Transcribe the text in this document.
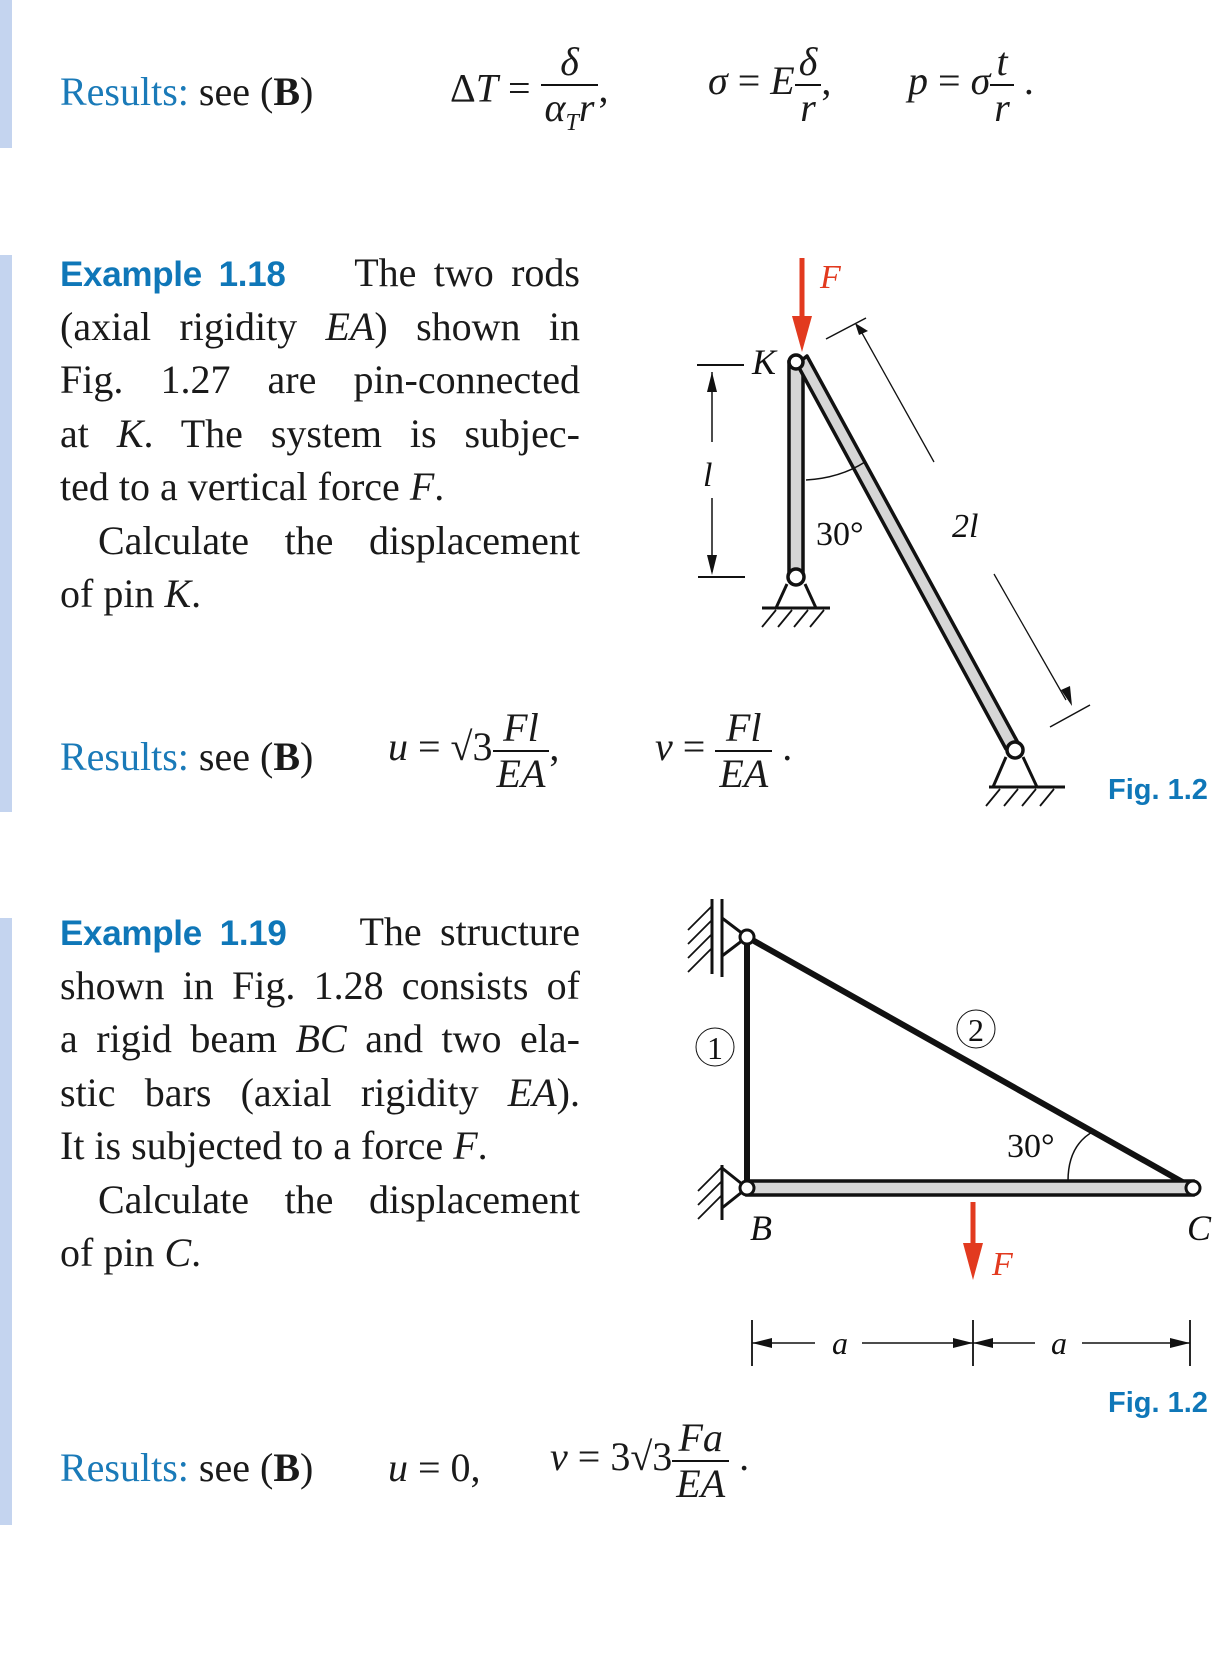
Results: see (B)	$\Delta T = \frac{\delta}{\alpha_Tr}$ , σ = E $\frac{\delta}{r}$ , p = σ $\frac{t}{r}$ .
Example 1.18 The two rods
(axial rigidity EA) shown in
Fig. 1.27 are pin-connected
at K. The system is subjec-
ted to a vertical force F.
Calculate the displacement
of pin K.
Results: see (B) $u = √3 \frac{Fl}{EA}$ , $v = \frac{Fl}{EA}$ .
F
K
l
30°	2l
Fig. 1.2
Example 1.19 The structure
shown in Fig. 1.28 consists of
a rigid beam BC and two ela-
stic bars (axial rigidity EA).
It is subjected to a force F.
Calculate the displacement
of pin C.
Results: see (B) u = 0, $v = 3√3 \frac{Fa}{EA}$ .
1	2
30°
B	C
F
a	a
Fig. 1.2
